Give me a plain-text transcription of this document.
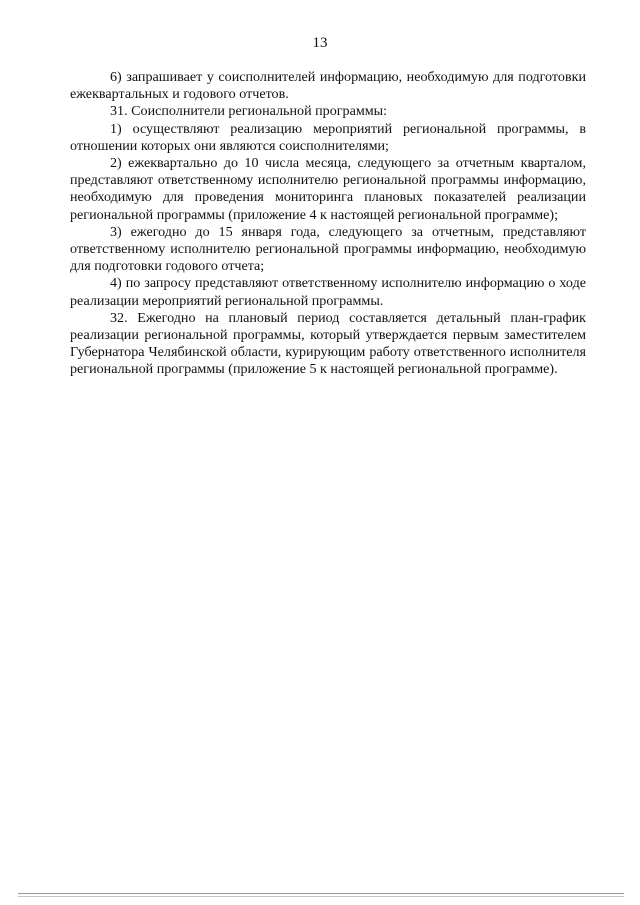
13

6) запрашивает у соисполнителей информацию, необходимую для подготовки ежеквартальных и годового отчетов.

31. Соисполнители региональной программы:

1) осуществляют реализацию мероприятий региональной программы, в отношении которых они являются соисполнителями;

2) ежеквартально до 10 числа месяца, следующего за отчетным кварталом, представляют ответственному исполнителю региональной программы информацию, необходимую для проведения мониторинга плановых показателей реализации региональной программы (приложение 4 к настоящей региональной программе);

3) ежегодно до 15 января года, следующего за отчетным, представляют ответственному исполнителю региональной программы информацию, необходимую для подготовки годового отчета;

4) по запросу представляют ответственному исполнителю информацию о ходе реализации мероприятий региональной программы.

32. Ежегодно на плановый период составляется детальный план-график реализации региональной программы, который утверждается первым заместителем Губернатора Челябинской области, курирующим работу ответственного исполнителя региональной программы (приложение 5 к настоящей региональной программе).
